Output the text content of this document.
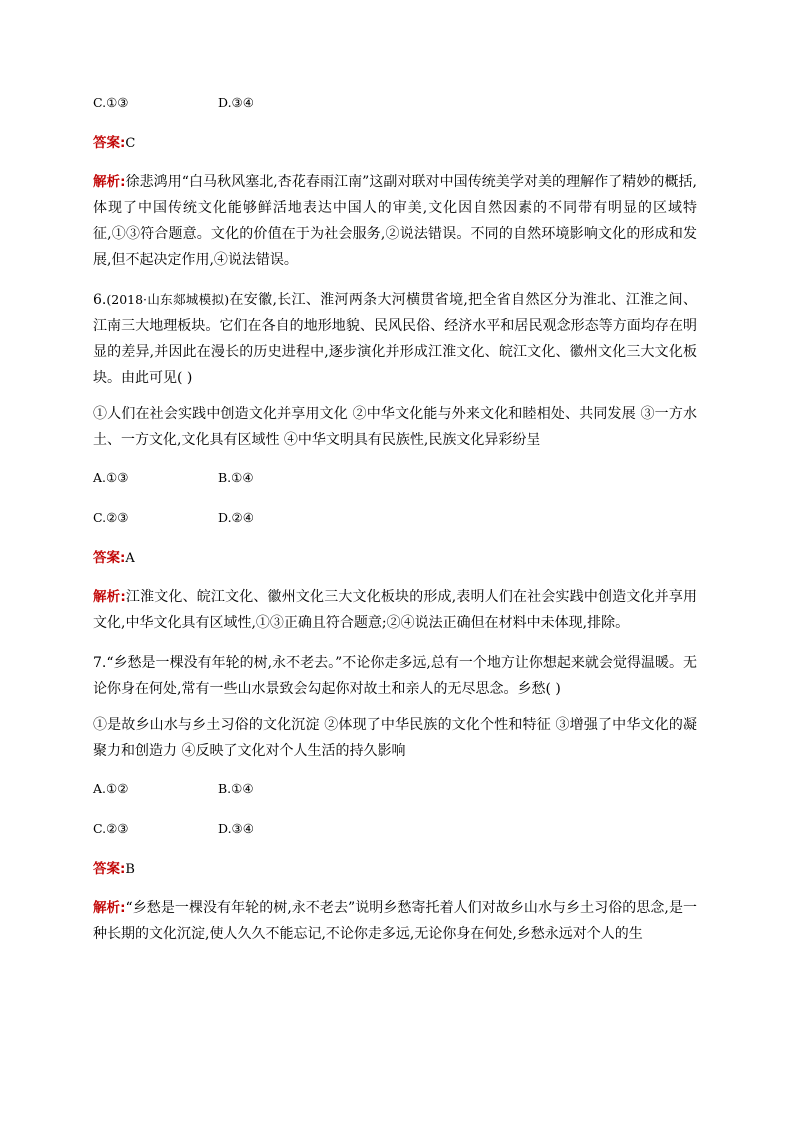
C.①③	D.③④
答案:C

解析:徐悲鸿用“白马秋风塞北,杏花春雨江南”这副对联对中国传统美学对美的理解作了精妙的概括,体现了中国传统文化能够鲜活地表达中国人的审美,文化因自然因素的不同带有明显的区域特征,①③符合题意。文化的价值在于为社会服务,②说法错误。不同的自然环境影响文化的形成和发展,但不起决定作用,④说法错误。

6.(2018·山东郯城模拟)在安徽,长江、淮河两条大河横贯省境,把全省自然区分为淮北、江淮之间、江南三大地理板块。它们在各自的地形地貌、民风民俗、经济水平和居民观念形态等方面均存在明显的差异,并因此在漫长的历史进程中,逐步演化并形成江淮文化、皖江文化、徽州文化三大文化板块。由此可见( )

①人们在社会实践中创造文化并享用文化 ②中华文化能与外来文化和睦相处、共同发展 ③一方水土、一方文化,文化具有区域性 ④中华文明具有民族性,民族文化异彩纷呈

A.①③	B.①④
C.②③	D.②④
答案:A

解析:江淮文化、皖江文化、徽州文化三大文化板块的形成,表明人们在社会实践中创造文化并享用文化,中华文化具有区域性,①③正确且符合题意;②④说法正确但在材料中未体现,排除。

7.“乡愁是一棵没有年轮的树,永不老去。”不论你走多远,总有一个地方让你想起来就会觉得温暖。无论你身在何处,常有一些山水景致会勾起你对故土和亲人的无尽思念。乡愁( )

①是故乡山水与乡土习俗的文化沉淀 ②体现了中华民族的文化个性和特征 ③增强了中华文化的凝聚力和创造力 ④反映了文化对个人生活的持久影响

A.①②	B.①④
C.②③	D.③④
答案:B

解析:“乡愁是一棵没有年轮的树,永不老去”说明乡愁寄托着人们对故乡山水与乡土习俗的思念,是一种长期的文化沉淀,使人久久不能忘记,不论你走多远,无论你身在何处,乡愁永远对个人的生
